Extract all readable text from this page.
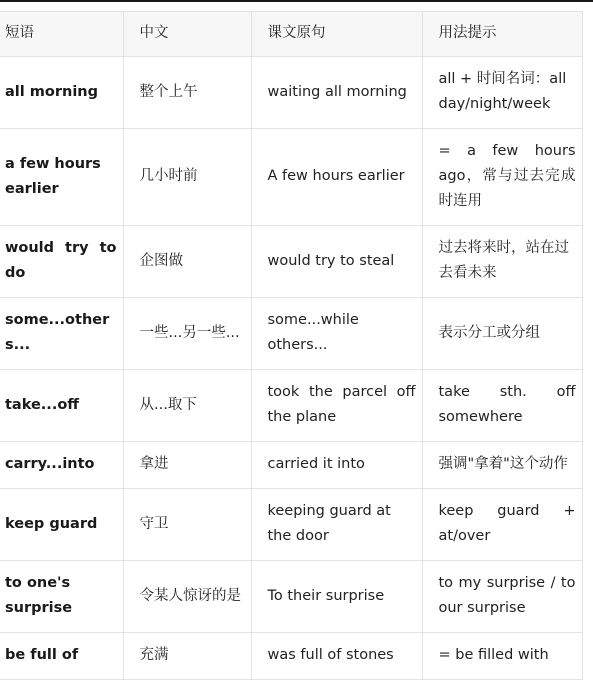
短语	中文	课文原句	用法提示
all morning	整个上午	waiting all morning	all + 时间名词：all day/night/week
a few hours earlier	几小时前	A few hours earlier	= a few hours ago，常与过去完成时连用
would try to do	企图做	would try to steal	过去将来时，站在过去看未来
some...others...	一些...另一些...	some...while others...	表示分工或分组
take...off	从...取下	took the parcel off the plane	take sth. off somewhere
carry...into	拿进	carried it into	强调"拿着"这个动作
keep guard	守卫	keeping guard at the door	keep guard + at/over
to one's surprise	令某人惊讶的是	To their surprise	to my surprise / to our surprise
be full of	充满	was full of stones	= be filled with
